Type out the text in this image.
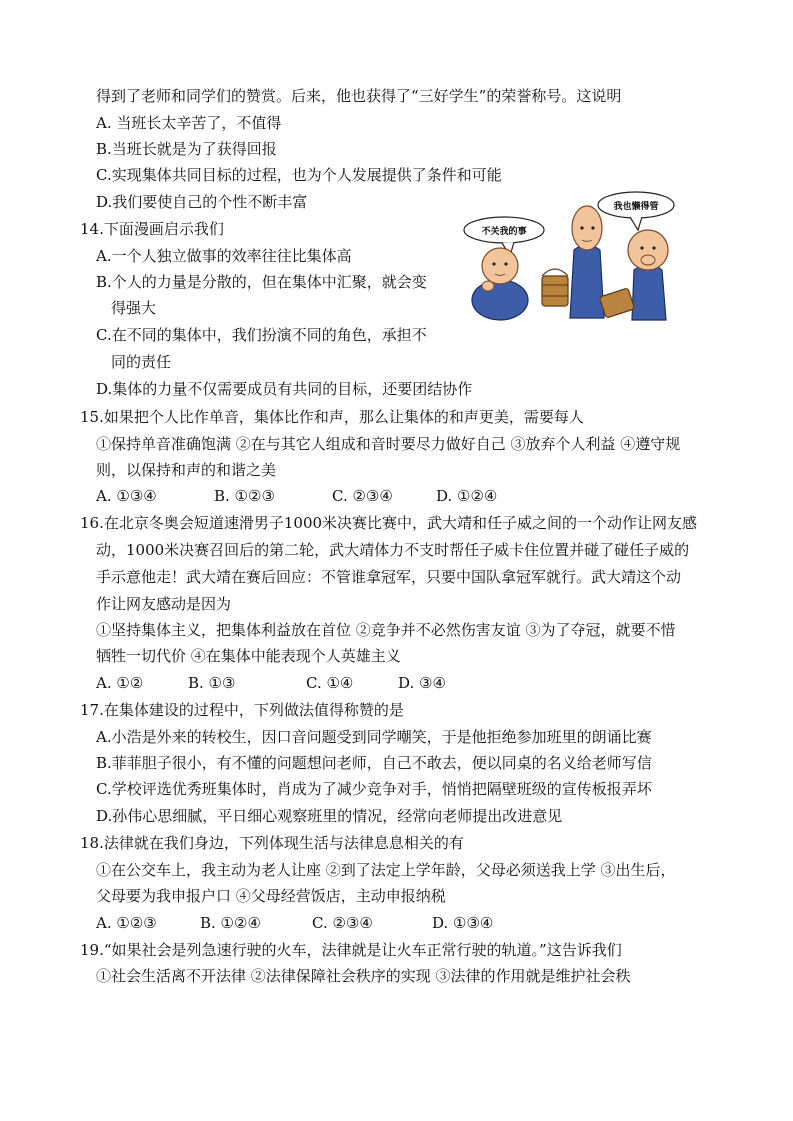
得到了老师和同学们的赞赏。后来，他也获得了“三好学生”的荣誉称号。这说明
A. 当班长太辛苦了，不值得
B.当班长就是为了获得回报
C.实现集体共同目标的过程，也为个人发展提供了条件和可能
D.我们要使自己的个性不断丰富
14.下面漫画启示我们
A.一个人独立做事的效率往往比集体高
B.个人的力量是分散的，但在集体中汇聚，就会变
得强大
C.在不同的集体中，我们扮演不同的角色，承担不
同的责任
D.集体的力量不仅需要成员有共同的目标，还要团结协作
不关我的事
我也懒得管
15.如果把个人比作单音，集体比作和声，那么让集体的和声更美，需要每人
①保持单音准确饱满 ②在与其它人组成和音时要尽力做好自己 ③放弃个人利益 ④遵守规
则，以保持和声的和谐之美
A. ①③④	B. ①②③	C. ②③④	D. ①②④
16.在北京冬奥会短道速滑男子1000米决赛比赛中，武大靖和任子威之间的一个动作让网友感
动，1000米决赛召回后的第二轮，武大靖体力不支时帮任子威卡住位置并碰了碰任子威的
手示意他走！武大靖在赛后回应：不管谁拿冠军，只要中国队拿冠军就行。武大靖这个动
作让网友感动是因为
①坚持集体主义，把集体利益放在首位 ②竞争并不必然伤害友谊 ③为了夺冠，就要不惜
牺牲一切代价 ④在集体中能表现个人英雄主义
A. ①②	B. ①③	C. ①④	D. ③④
17.在集体建设的过程中，下列做法值得称赞的是
A.小浩是外来的转校生，因口音问题受到同学嘲笑，于是他拒绝参加班里的朗诵比赛
B.菲菲胆子很小，有不懂的问题想问老师，自己不敢去，便以同桌的名义给老师写信
C.学校评选优秀班集体时，肖成为了减少竞争对手，悄悄把隔壁班级的宣传板报弄坏
D.孙伟心思细腻，平日细心观察班里的情况，经常向老师提出改进意见
18.法律就在我们身边，下列体现生活与法律息息相关的有
①在公交车上，我主动为老人让座 ②到了法定上学年龄，父母必须送我上学 ③出生后，
父母要为我申报户口 ④父母经营饭店，主动申报纳税
A. ①②③	B. ①②④	C. ②③④	D. ①③④
19.“如果社会是列急速行驶的火车，法律就是让火车正常行驶的轨道。”这告诉我们
①社会生活离不开法律 ②法律保障社会秩序的实现 ③法律的作用就是维护社会秩
